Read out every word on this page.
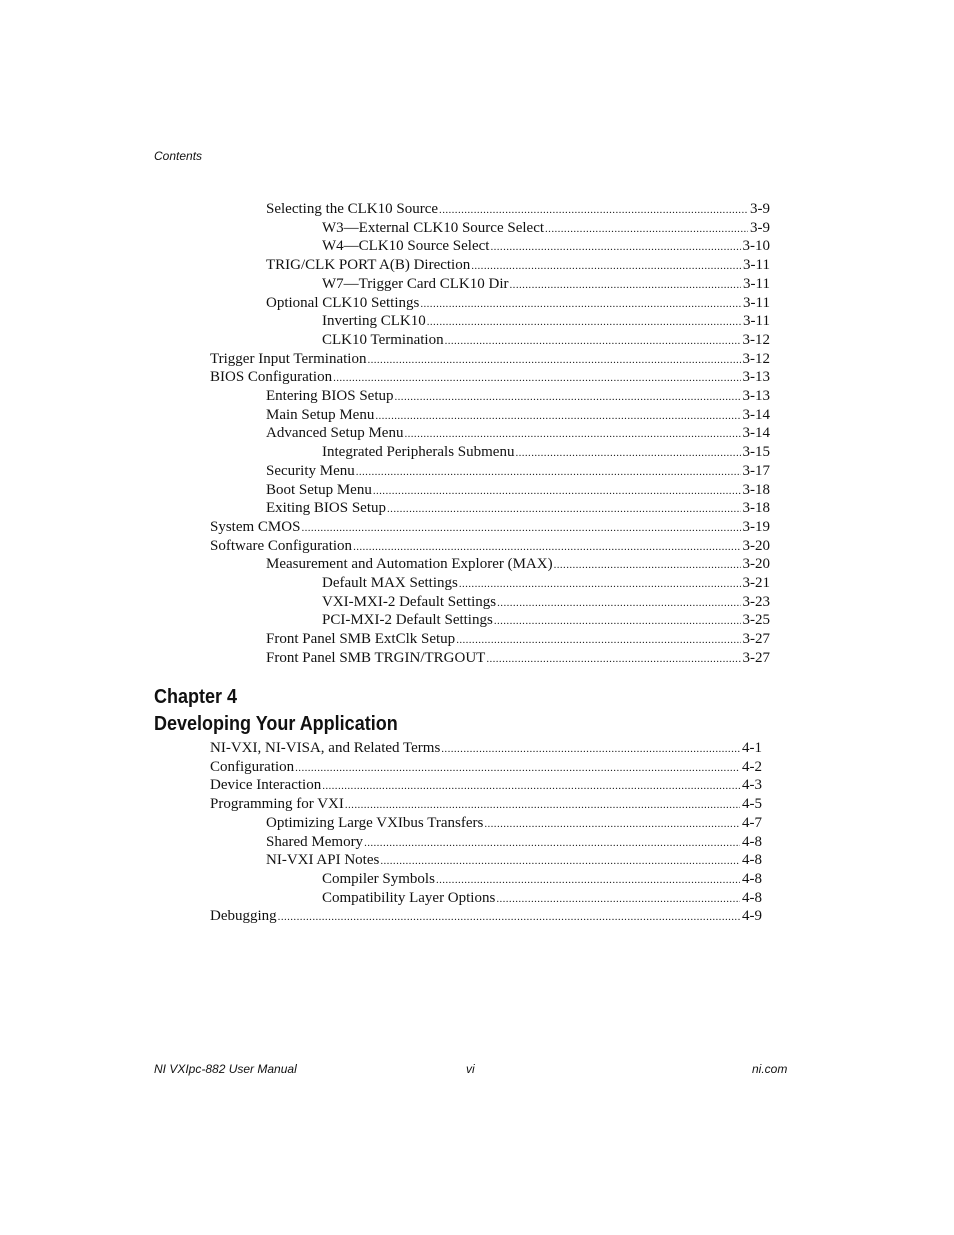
Contents
Selecting the CLK10 Source .....	3-9
W3—External CLK10 Source Select .....	3-9
W4—CLK10 Source Select .....	3-10
TRIG/CLK PORT A(B) Direction .....	3-11
W7—Trigger Card CLK10 Dir .....	3-11
Optional CLK10 Settings .....	3-11
Inverting CLK10 .....	3-11
CLK10 Termination .....	3-12
Trigger Input Termination .....	3-12
BIOS Configuration .....	3-13
Entering BIOS Setup .....	3-13
Main Setup Menu .....	3-14
Advanced Setup Menu .....	3-14
Integrated Peripherals Submenu .....	3-15
Security Menu .....	3-17
Boot Setup Menu .....	3-18
Exiting BIOS Setup .....	3-18
System CMOS .....	3-19
Software Configuration .....	3-20
Measurement and Automation Explorer (MAX) .....	3-20
Default MAX Settings .....	3-21
VXI-MXI-2 Default Settings .....	3-23
PCI-MXI-2 Default Settings .....	3-25
Front Panel SMB ExtClk Setup .....	3-27
Front Panel SMB TRGIN/TRGOUT .....	3-27
Chapter 4
Developing Your Application
NI-VXI, NI-VISA, and Related Terms .....	4-1
Configuration .....	4-2
Device Interaction .....	4-3
Programming for VXI .....	4-5
Optimizing Large VXIbus Transfers .....	4-7
Shared Memory .....	4-8
NI-VXI API Notes .....	4-8
Compiler Symbols .....	4-8
Compatibility Layer Options .....	4-8
Debugging .....	4-9
NI VXIpc-882 User Manual	vi	ni.com
